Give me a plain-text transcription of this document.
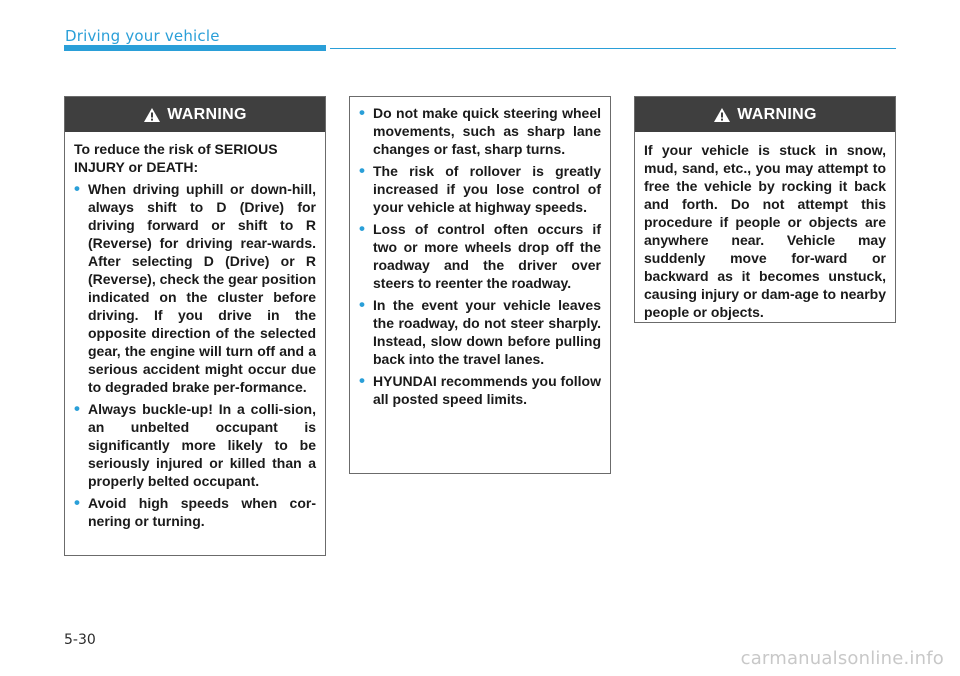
Driving your vehicle
WARNING

To reduce the risk of SERIOUS INJURY or DEATH:

• When driving uphill or down-hill, always shift to D (Drive) for driving forward or shift to R (Reverse) for driving rear-wards. After selecting D (Drive) or R (Reverse), check the gear position indicated on the cluster before driving. If you drive in the opposite direction of the selected gear, the engine will turn off and a serious accident might occur due to degraded brake per-formance.
• Always buckle-up! In a colli-sion, an unbelted occupant is significantly more likely to be seriously injured or killed than a properly belted occupant.
• Avoid high speeds when cor-nering or turning.
• Do not make quick steering wheel movements, such as sharp lane changes or fast, sharp turns.
• The risk of rollover is greatly increased if you lose control of your vehicle at highway speeds.
• Loss of control often occurs if two or more wheels drop off the roadway and the driver over steers to reenter the roadway.
• In the event your vehicle leaves the roadway, do not steer sharply. Instead, slow down before pulling back into the travel lanes.
• HYUNDAI recommends you follow all posted speed limits.
WARNING

If your vehicle is stuck in snow, mud, sand, etc., you may attempt to free the vehicle by rocking it back and forth. Do not attempt this procedure if people or objects are anywhere near. Vehicle may suddenly move for-ward or backward as it becomes unstuck, causing injury or dam-age to nearby people or objects.

5-30
carmanualsonline.info
